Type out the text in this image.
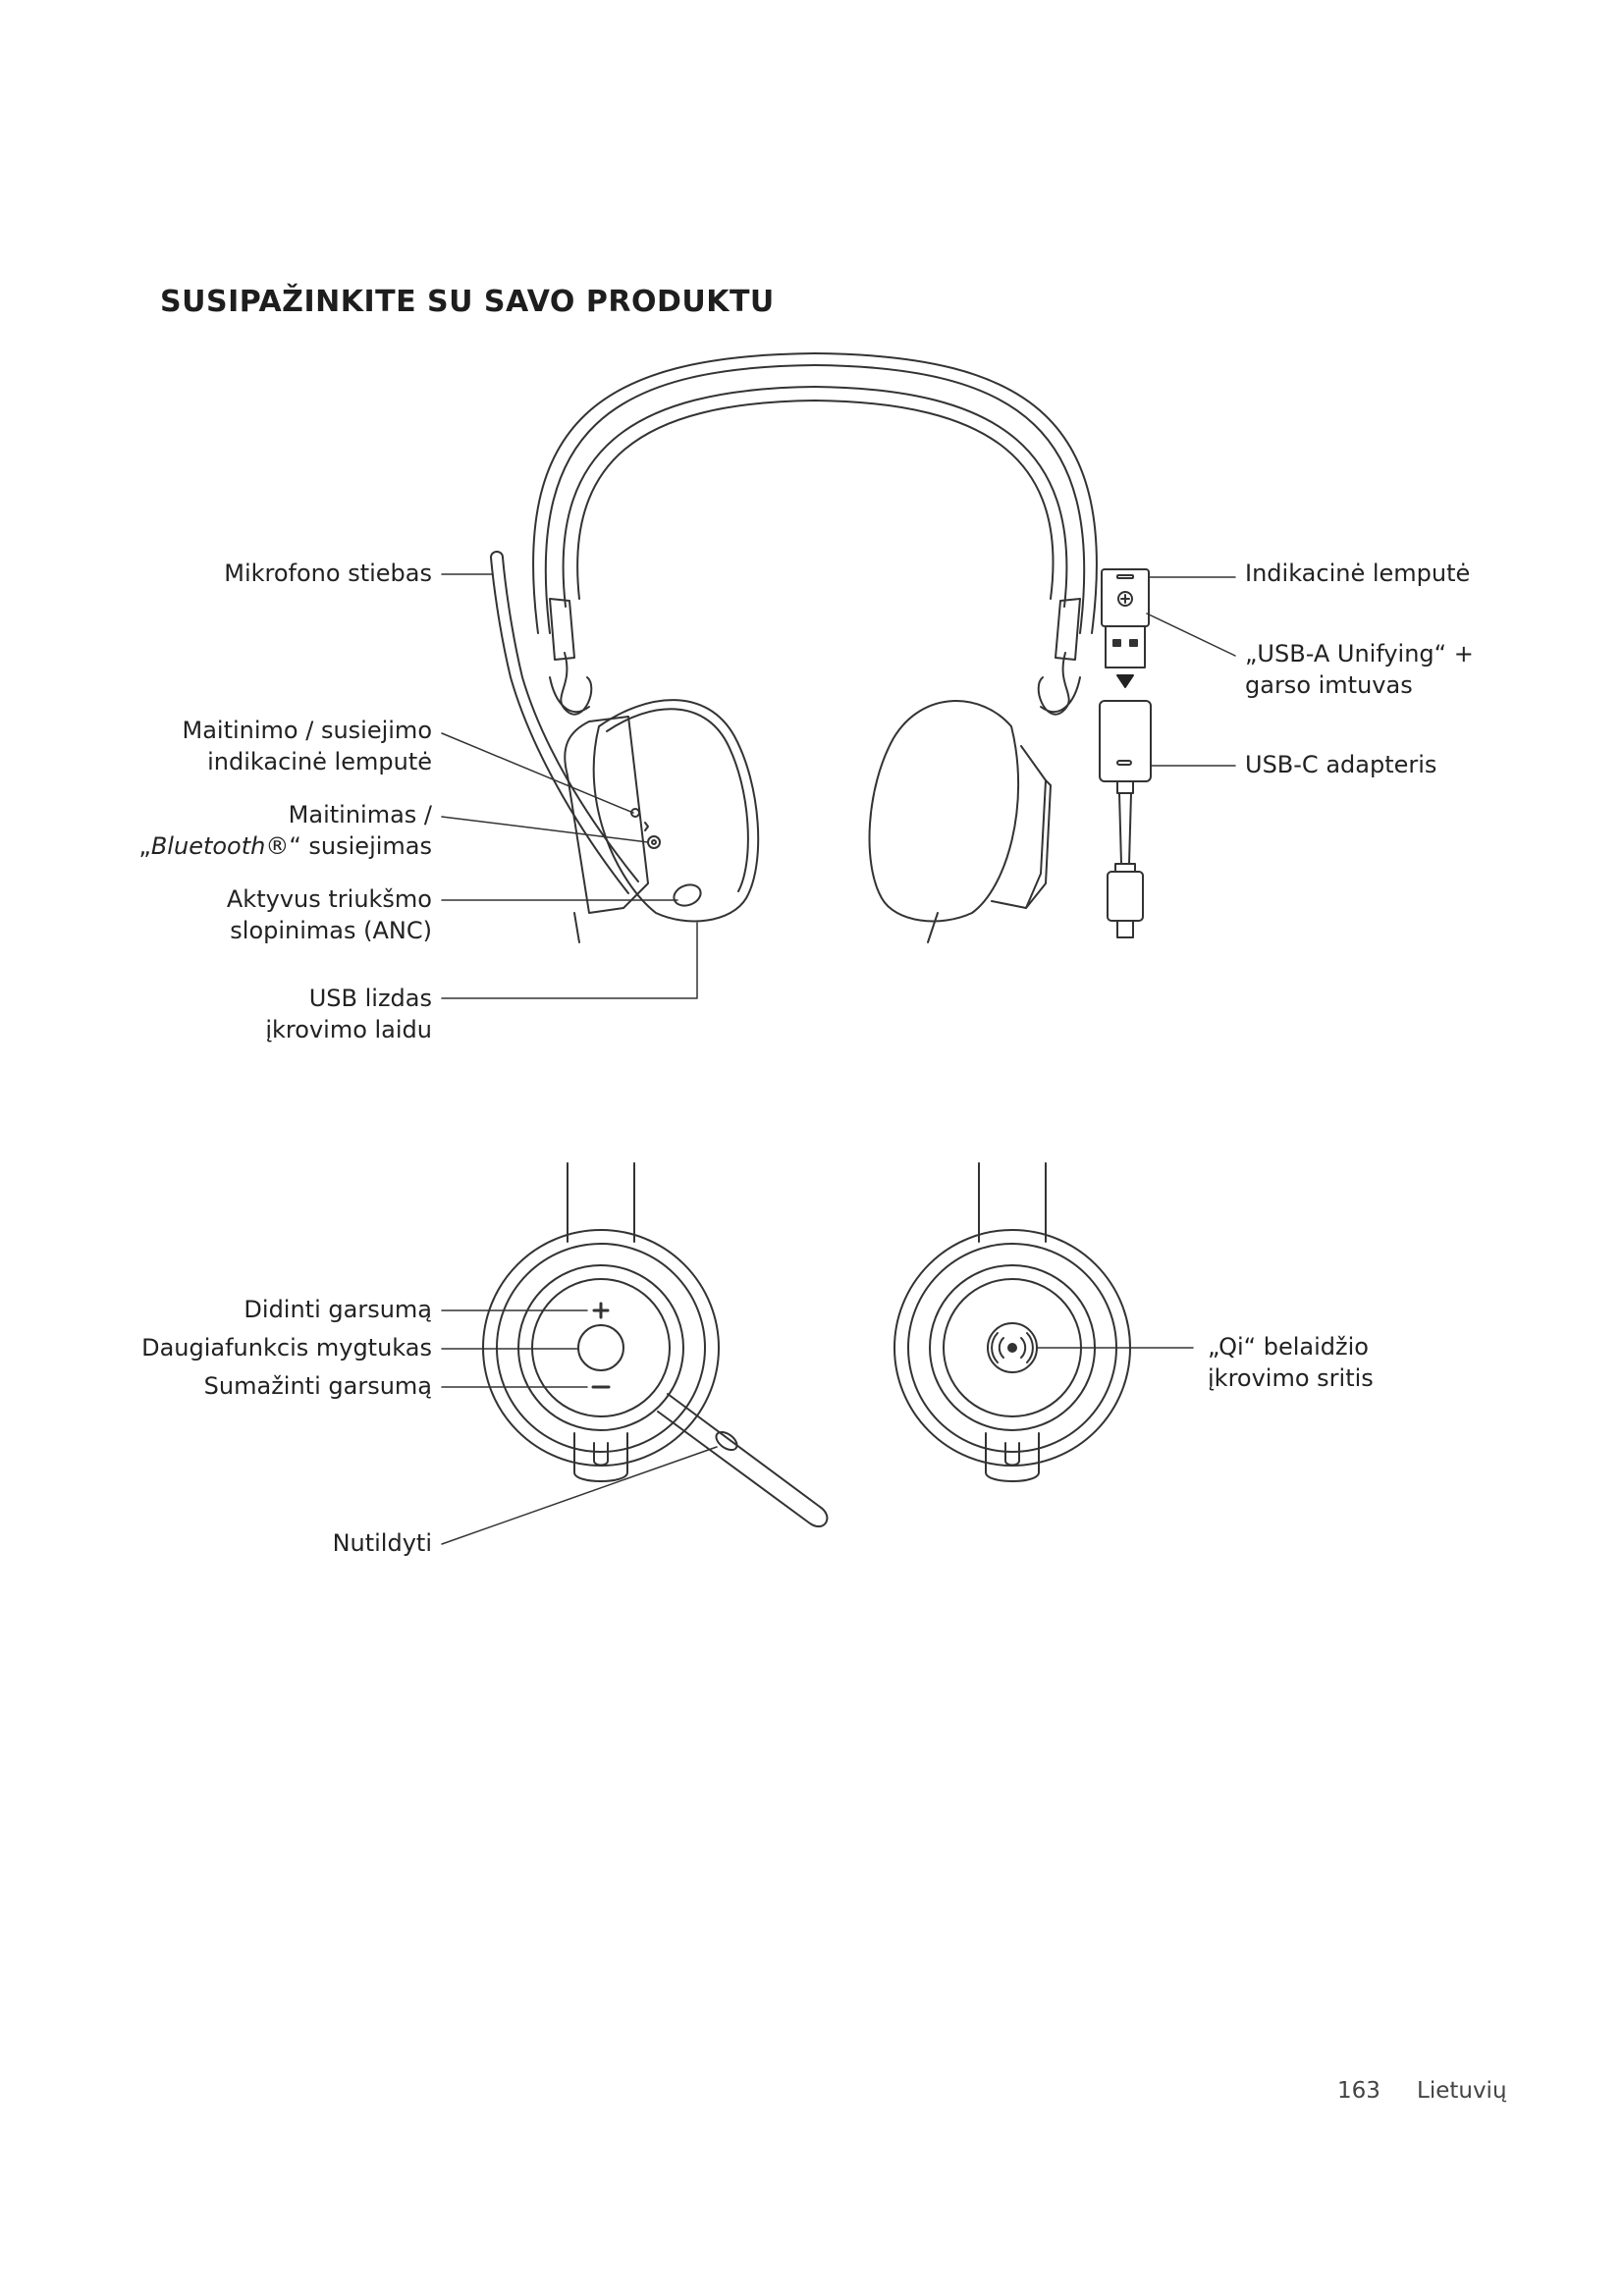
SUSIPAŽINKITE SU SAVO PRODUKTU
Mikrofono stiebas
Maitinimo / susiejimo
indikacinė lemputė
Maitinimas /
„Bluetooth®“ susiejimas
Aktyvus triukšmo
slopinimas (ANC)
USB lizdas
įkrovimo laidu
Indikacinė lemputė
„USB-A Unifying“ +
garso imtuvas
USB-C adapteris
Didinti garsumą
Daugiafunkcis mygtukas
Sumažinti garsumą
Nutildyti
„Qi“ belaidžio
įkrovimo sritis
163 Lietuvių
